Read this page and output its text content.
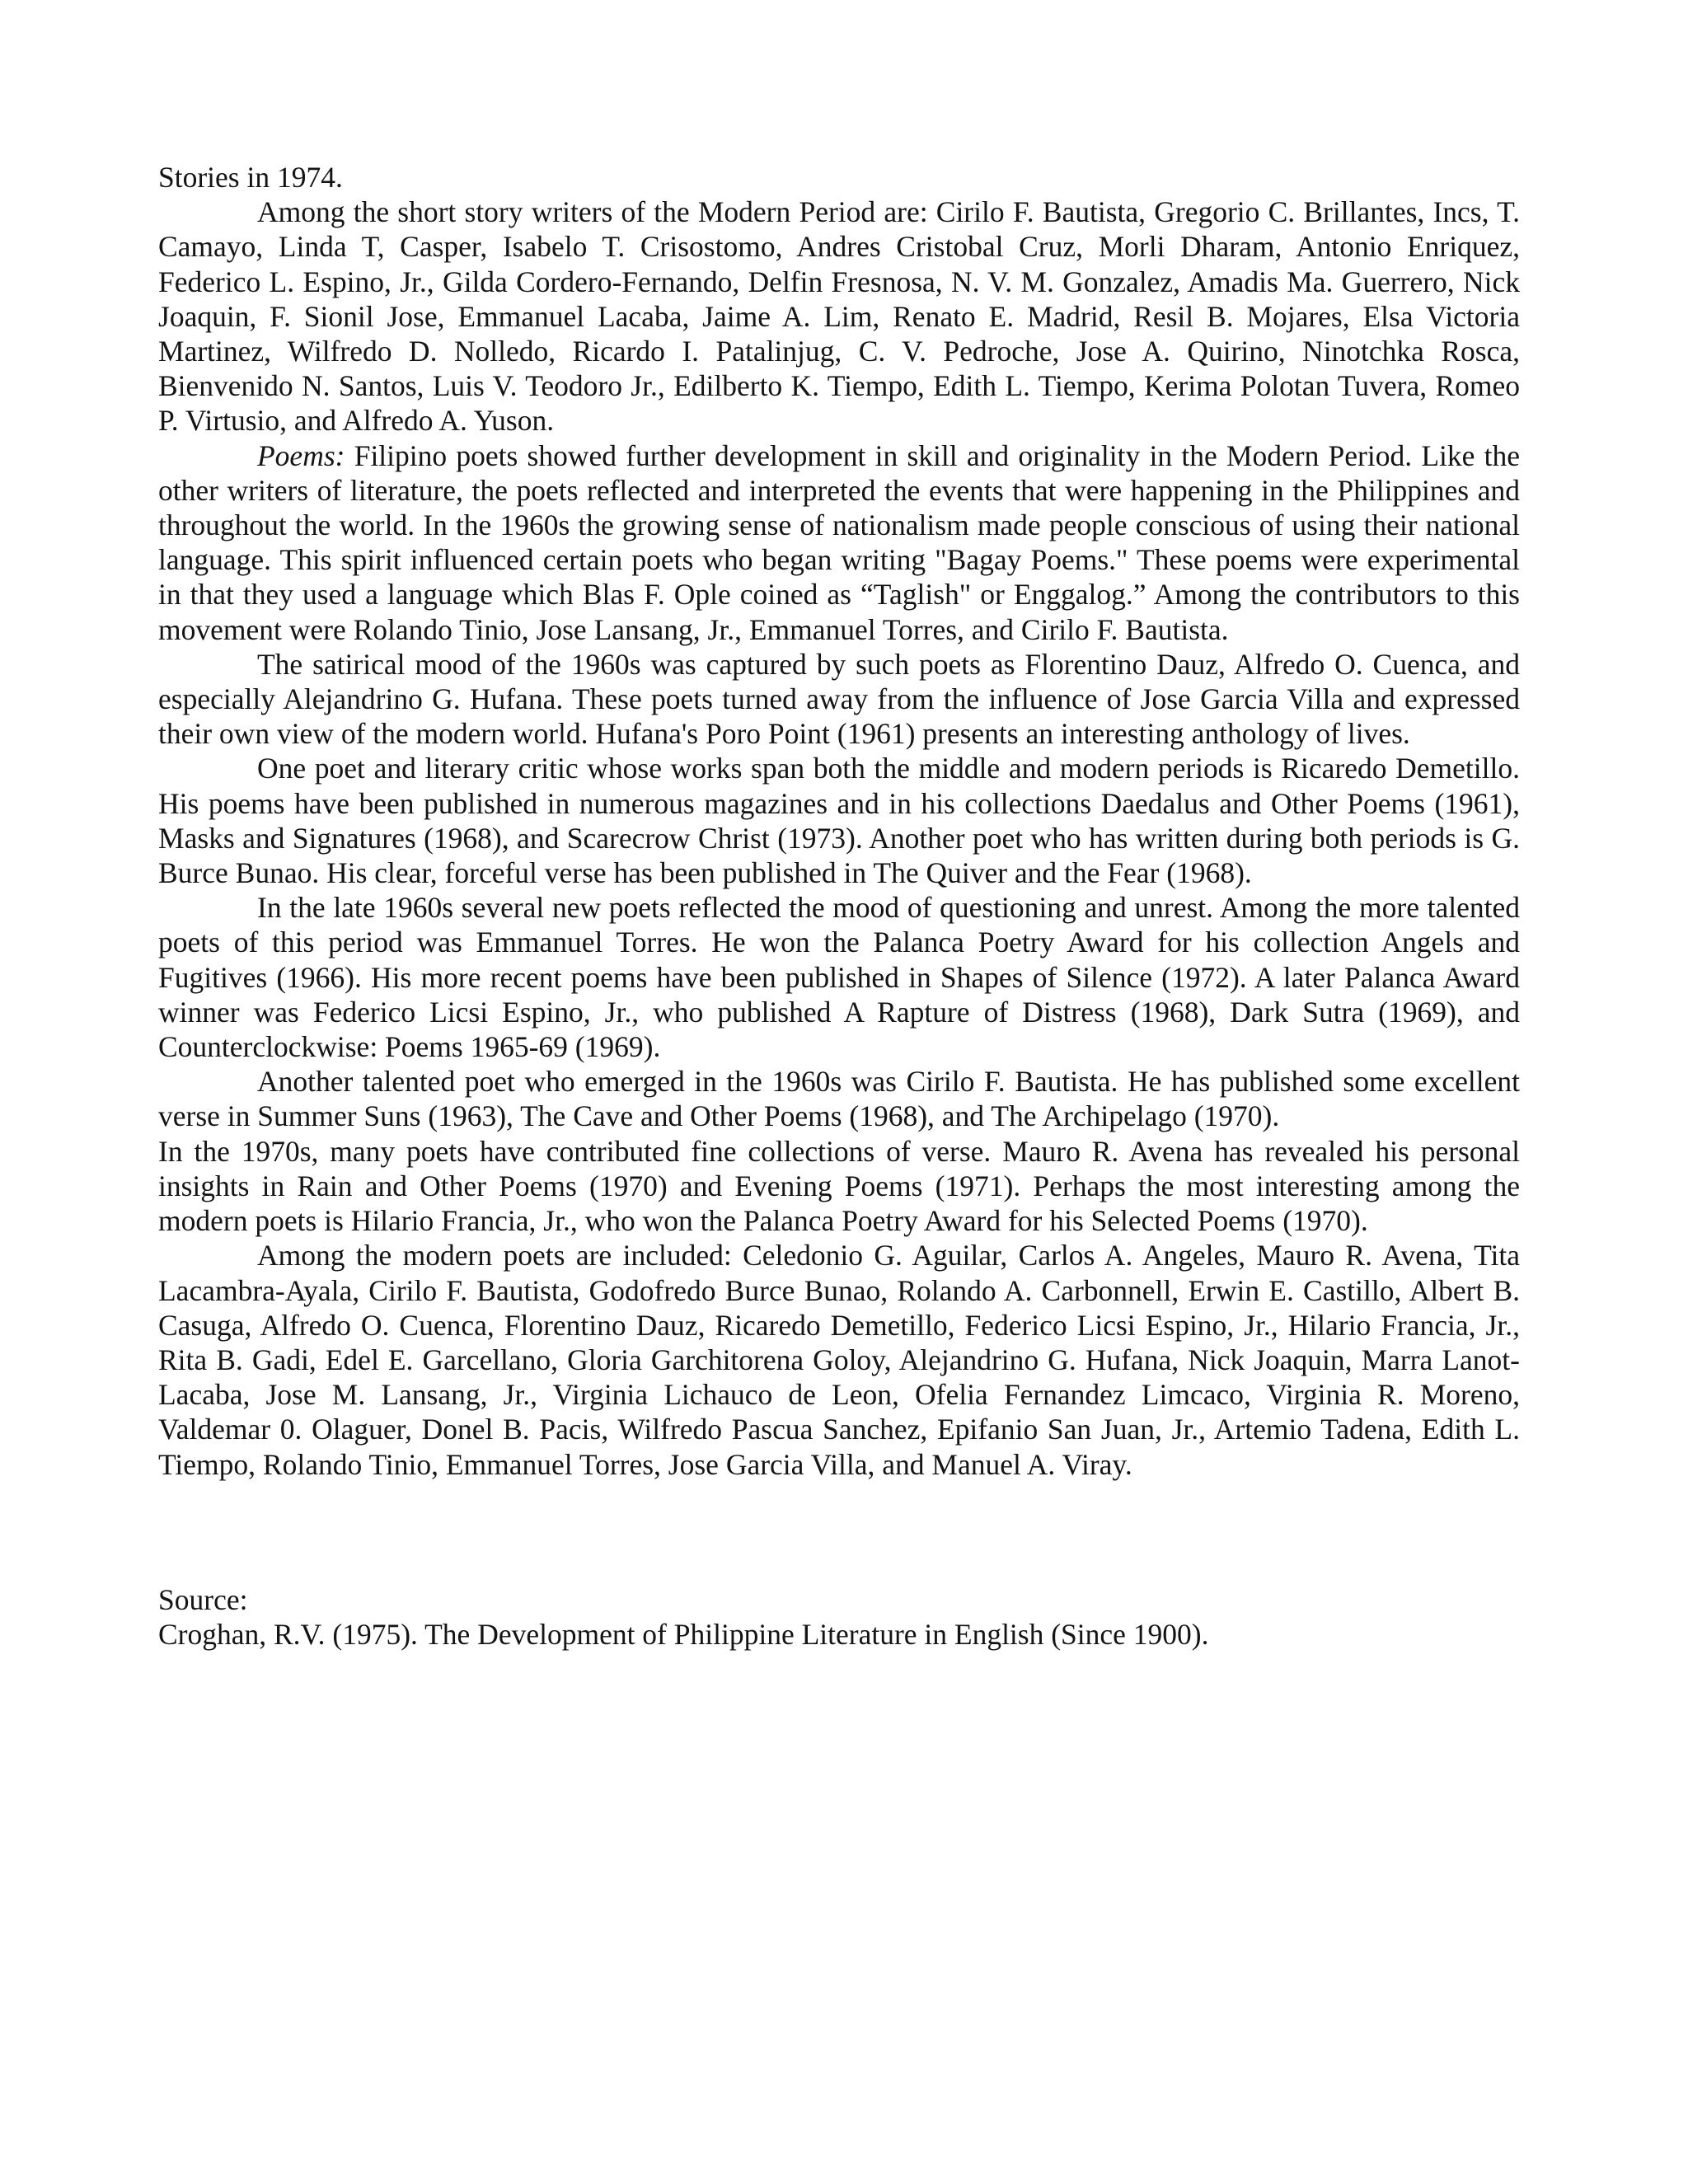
Stories in 1974.

Among the short story writers of the Modern Period are: Cirilo F. Bautista, Gregorio C. Brillantes, Incs, T. Camayo, Linda T, Casper, Isabelo T. Crisostomo, Andres Cristobal Cruz, Morli Dharam, Antonio Enriquez, Federico L. Espino, Jr., Gilda Cordero-Fernando, Delfin Fresnosa, N. V. M. Gonzalez, Amadis Ma. Guerrero, Nick Joaquin, F. Sionil Jose, Emmanuel Lacaba, Jaime A. Lim, Renato E. Madrid, Resil B. Mojares, Elsa Victoria Martinez, Wilfredo D. Nolledo, Ricardo I. Patalinjug, C. V. Pedroche, Jose A. Quirino, Ninotchka Rosca, Bienvenido N. Santos, Luis V. Teodoro Jr., Edilberto K. Tiempo, Edith L. Tiempo, Kerima Polotan Tuvera, Romeo P. Virtusio, and Alfredo A. Yuson.

Poems: Filipino poets showed further development in skill and originality in the Modern Period. Like the other writers of literature, the poets reflected and interpreted the events that were happening in the Philippines and throughout the world. In the 1960s the growing sense of nationalism made people conscious of using their national language. This spirit influenced certain poets who began writing "Bagay Poems." These poems were experimental in that they used a language which Blas F. Ople coined as “Taglish" or Enggalog.” Among the contributors to this movement were Rolando Tinio, Jose Lansang, Jr., Emmanuel Torres, and Cirilo F. Bautista.

The satirical mood of the 1960s was captured by such poets as Florentino Dauz, Alfredo O. Cuenca, and especially Alejandrino G. Hufana. These poets turned away from the influence of Jose Garcia Villa and expressed their own view of the modern world. Hufana's Poro Point (1961) presents an interesting anthology of lives.

One poet and literary critic whose works span both the middle and modern periods is Ricaredo Demetillo. His poems have been published in numerous magazines and in his collections Daedalus and Other Poems (1961), Masks and Signatures (1968), and Scarecrow Christ (1973). Another poet who has written during both periods is G. Burce Bunao. His clear, forceful verse has been published in The Quiver and the Fear (1968).

In the late 1960s several new poets reflected the mood of questioning and unrest. Among the more talented poets of this period was Emmanuel Torres. He won the Palanca Poetry Award for his collection Angels and Fugitives (1966). His more recent poems have been published in Shapes of Silence (1972). A later Palanca Award winner was Federico Licsi Espino, Jr., who published A Rapture of Distress (1968), Dark Sutra (1969), and Counterclockwise: Poems 1965-69 (1969).

Another talented poet who emerged in the 1960s was Cirilo F. Bautista. He has published some excellent verse in Summer Suns (1963), The Cave and Other Poems (1968), and The Archipelago (1970).

In the 1970s, many poets have contributed fine collections of verse. Mauro R. Avena has revealed his personal insights in Rain and Other Poems (1970) and Evening Poems (1971). Perhaps the most interesting among the modern poets is Hilario Francia, Jr., who won the Palanca Poetry Award for his Selected Poems (1970).

Among the modern poets are included: Celedonio G. Aguilar, Carlos A. Angeles, Mauro R. Avena, Tita Lacambra-Ayala, Cirilo F. Bautista, Godofredo Burce Bunao, Rolando A. Carbonnell, Erwin E. Castillo, Albert B. Casuga, Alfredo O. Cuenca, Florentino Dauz, Ricaredo Demetillo, Federico Licsi Espino, Jr., Hilario Francia, Jr., Rita B. Gadi, Edel E. Garcellano, Gloria Garchitorena Goloy, Alejandrino G. Hufana, Nick Joaquin, Marra Lanot-Lacaba, Jose M. Lansang, Jr., Virginia Lichauco de Leon, Ofelia Fernandez Limcaco, Virginia R. Moreno, Valdemar 0. Olaguer, Donel B. Pacis, Wilfredo Pascua Sanchez, Epifanio San Juan, Jr., Artemio Tadena, Edith L. Tiempo, Rolando Tinio, Emmanuel Torres, Jose Garcia Villa, and Manuel A. Viray.

Source:

Croghan, R.V. (1975). The Development of Philippine Literature in English (Since 1900).
